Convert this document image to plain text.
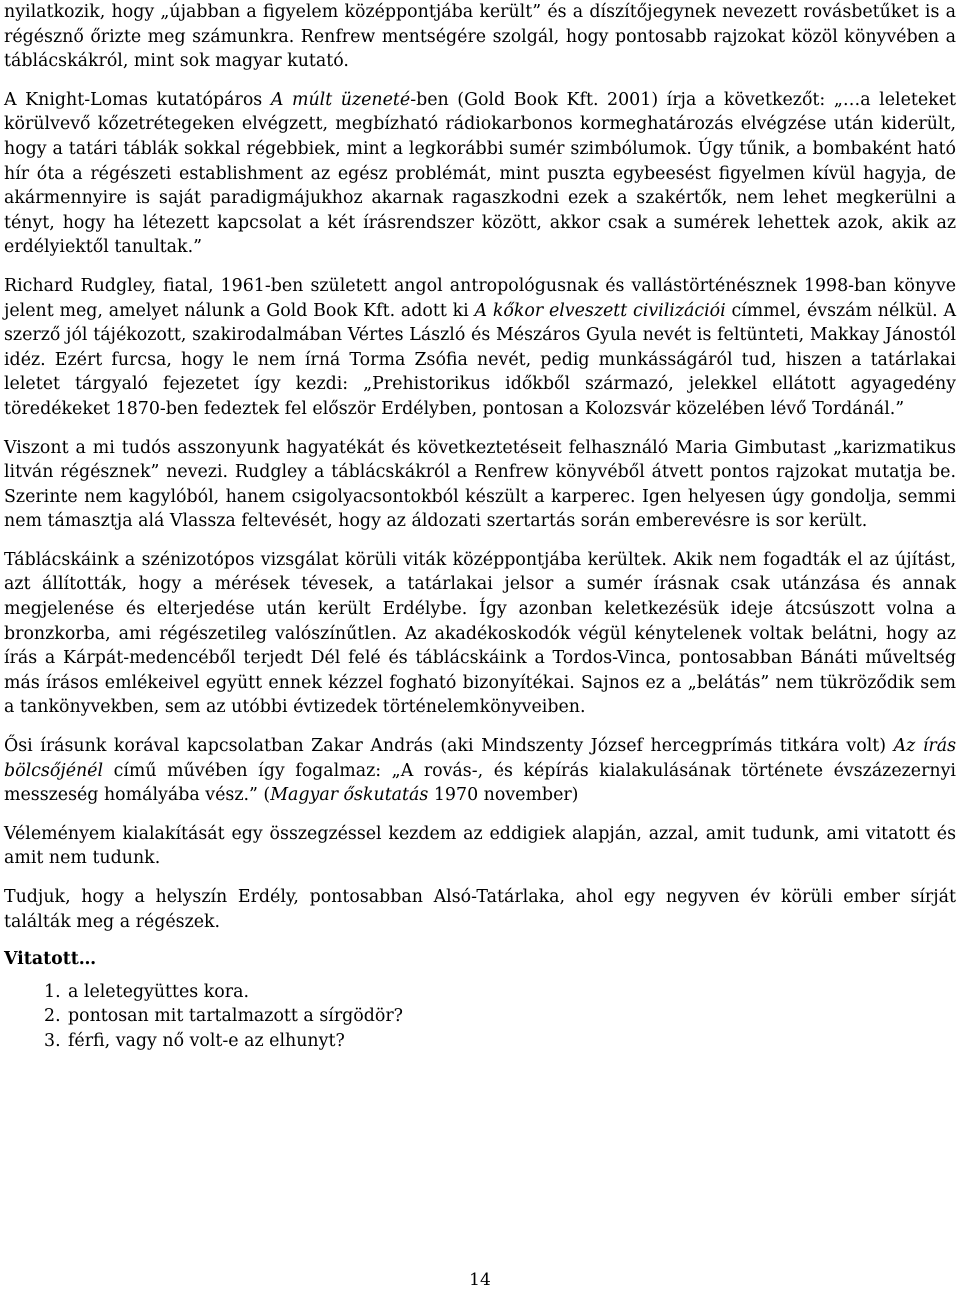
nyilatkozik, hogy „újabban a figyelem középpontjába került” és a díszítőjegynek nevezett rovásbetűket is a régésznő őrizte meg számunkra. Renfrew mentségére szolgál, hogy pontosabb rajzokat közöl könyvében a táblácskákról, mint sok magyar kutató.

A Knight-Lomas kutatópáros A múlt üzeneté-ben (Gold Book Kft. 2001) írja a következőt: „…a leleteket körülvevő kőzetrétegeken elvégzett, megbízható rádiokarbonos kormeghatározás elvégzése után kiderült, hogy a tatári táblák sokkal régebbiek, mint a legkorábbi sumér szimbólumok. Úgy tűnik, a bombaként ható hír óta a régészeti establishment az egész problémát, mint puszta egybeesést figyelmen kívül hagyja, de akármennyire is saját paradigmájukhoz akarnak ragaszkodni ezek a szakértők, nem lehet megkerülni a tényt, hogy ha létezett kapcsolat a két írásrendszer között, akkor csak a sumérek lehettek azok, akik az erdélyiektől tanultak.”

Richard Rudgley, fiatal, 1961-ben született angol antropológusnak és vallástörténésznek 1998-ban könyve jelent meg, amelyet nálunk a Gold Book Kft. adott ki A kőkor elveszett civilizációi címmel, évszám nélkül. A szerző jól tájékozott, szakirodalmában Vértes László és Mészáros Gyula nevét is feltünteti, Makkay Jánostól idéz. Ezért furcsa, hogy le nem írná Torma Zsófia nevét, pedig munkásságáról tud, hiszen a tatárlakai leletet tárgyaló fejezetet így kezdi: „Prehistorikus időkből származó, jelekkel ellátott agyagedény töredékeket 1870-ben fedeztek fel először Erdélyben, pontosan a Kolozsvár közelében lévő Tordánál.”

Viszont a mi tudós asszonyunk hagyatékát és következtetéseit felhasználó Maria Gimbutast „karizmatikus litván régésznek” nevezi. Rudgley a táblácskákról a Renfrew könyvéből átvett pontos rajzokat mutatja be. Szerinte nem kagylóból, hanem csigolyacsontokból készült a karperec. Igen helyesen úgy gondolja, semmi nem támasztja alá Vlassza feltevését, hogy az áldozati szertartás során emberevésre is sor került.

Táblácskáink a szénizotópos vizsgálat körüli viták középpontjába kerültek. Akik nem fogadták el az újítást, azt állították, hogy a mérések tévesek, a tatárlakai jelsor a sumér írásnak csak utánzása és annak megjelenése és elterjedése után került Erdélybe. Így azonban keletkezésük ideje átcsúszott volna a bronzkorba, ami régészetileg valószínűtlen. Az akadékoskodók végül kénytelenek voltak belátni, hogy az írás a Kárpát-medencéből terjedt Dél felé és táblácskáink a Tordos-Vinca, pontosabban Bánáti műveltség más írásos emlékeivel együtt ennek kézzel fogható bizonyítékai. Sajnos ez a „belátás” nem tükröződik sem a tankönyvekben, sem az utóbbi évtizedek történelemkönyveiben.

Ősi írásunk korával kapcsolatban Zakar András (aki Mindszenty József hercegprímás titkára volt) Az írás bölcsőjénél című művében így fogalmaz: „A rovás-, és képírás kialakulásának története évszázezernyi messzeség homályába vész.” (Magyar őskutatás 1970 november)

Véleményem kialakítását egy összegzéssel kezdem az eddigiek alapján, azzal, amit tudunk, ami vitatott és amit nem tudunk.

Tudjuk, hogy a helyszín Erdély, pontosabban Alsó-Tatárlaka, ahol egy negyven év körüli ember sírját találták meg a régészek.

Vitatott…
1. a leletegyüttes kora.
2. pontosan mit tartalmazott a sírgödör?
3. férfi, vagy nő volt-e az elhunyt?
14
